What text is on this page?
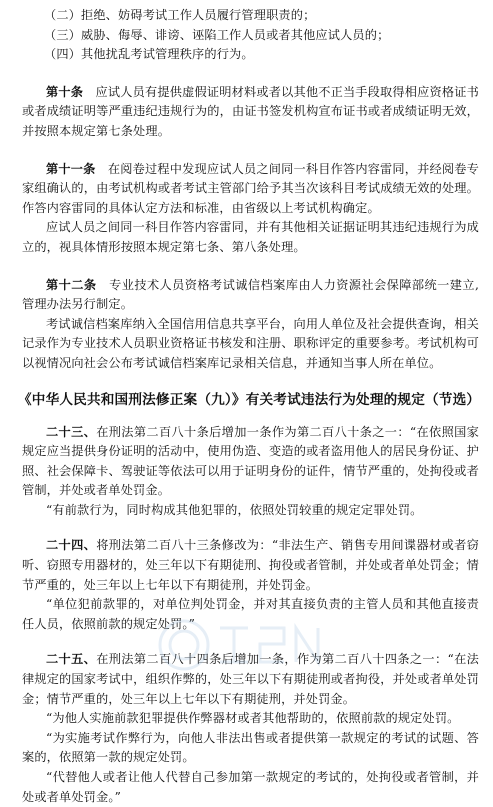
（二）拒绝、妨碍考试工作人员履行管理职责的；

（三）威胁、侮辱、诽谤、诬陷工作人员或者其他应试人员的；

（四）其他扰乱考试管理秩序的行为。

第十条　 应试人员有提供虚假证明材料或者以其他不正当手段取得相应资格证书或者成绩证明等严重违纪违规行为的，由证书签发机构宣布证书或者成绩证明无效，并按照本规定第七条处理。

第十一条　 在阅卷过程中发现应试人员之间同一科目作答内容雷同，并经阅卷专家组确认的，由考试机构或者考试主管部门给予其当次该科目考试成绩无效的处理。作答内容雷同的具体认定方法和标准，由省级以上考试机构确定。

应试人员之间同一科目作答内容雷同，并有其他相关证据证明其违纪违规行为成立的，视具体情形按照本规定第七条、第八条处理。

第十二条　 专业技术人员资格考试诚信档案库由人力资源社会保障部统一建立,管理办法另行制定。

考试诚信档案库纳入全国信用信息共享平台，向用人单位及社会提供查询，相关记录作为专业技术人员职业资格证书核发和注册、职称评定的重要参考。考试机构可以视情况向社会公布考试诚信档案库记录相关信息，并通知当事人所在单位。

《中华人民共和国刑法修正案（九）》有关考试违法行为处理的规定（节选）

二十三、在刑法第二百八十条后增加一条作为第二百八十条之一：“在依照国家规定应当提供身份证明的活动中，使用伪造、变造的或者盗用他人的居民身份证、护照、社会保障卡、驾驶证等依法可以用于证明身份的证件，情节严重的，处拘役或者管制，并处或者单处罚金。

“有前款行为，同时构成其他犯罪的，依照处罚较重的规定定罪处罚。

二十四、将刑法第二百八十三条修改为：“非法生产、销售专用间谍器材或者窃听、窃照专用器材的，处三年以下有期徒刑、拘役或者管制，并处或者单处罚金；情节严重的，处三年以上七年以下有期徒刑，并处罚金。

“单位犯前款罪的，对单位判处罚金，并对其直接负责的主管人员和其他直接责任人员，依照前款的规定处罚。”

二十五、在刑法第二百八十四条后增加一条，作为第二百八十四条之一：“在法律规定的国家考试中，组织作弊的，处三年以下有期徒刑或者拘役，并处或者单处罚金；情节严重的，处三年以上七年以下有期徒刑，并处罚金。

“为他人实施前款犯罪提供作弊器材或者其他帮助的，依照前款的规定处罚。

“为实施考试作弊行为，向他人非法出售或者提供第一款规定的考试的试题、答案的，依照第一款的规定处罚。

“代替他人或者让他人代替自己参加第一款规定的考试的，处拘役或者管制，并处或者单处罚金。”
